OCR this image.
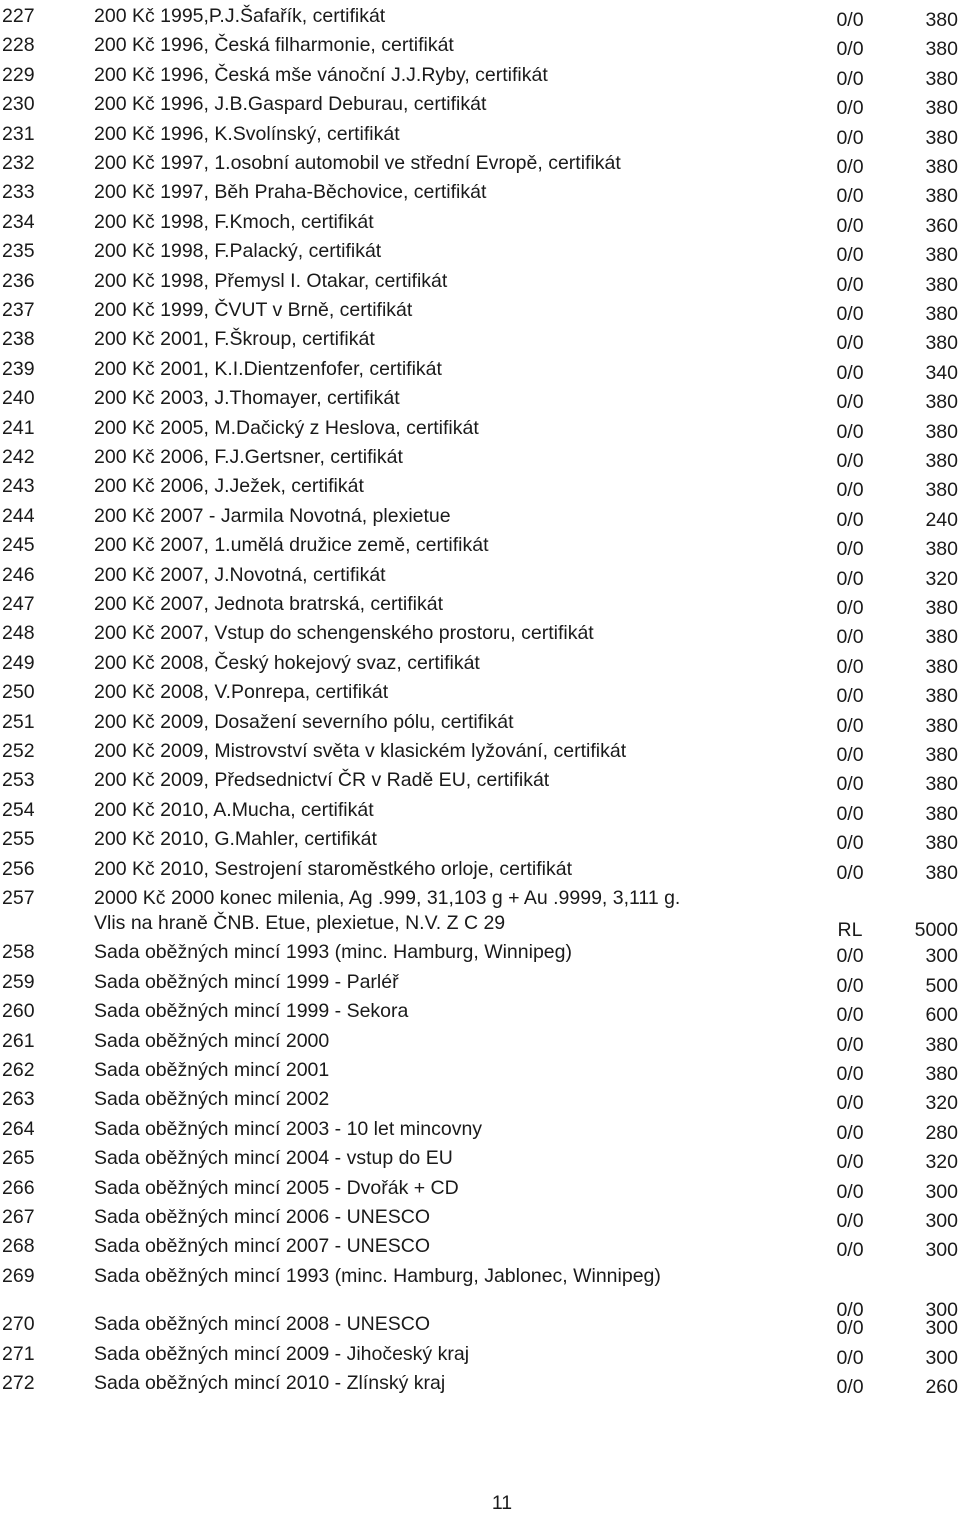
227	200 Kč 1995,P.J.Šafařík, certifikát	0/0	380
228	200 Kč 1996, Česká filharmonie, certifikát	0/0	380
229	200 Kč 1996, Česká mše vánoční J.J.Ryby, certifikát	0/0	380
230	200 Kč 1996, J.B.Gaspard Deburau, certifikát	0/0	380
231	200 Kč 1996, K.Svolínský, certifikát	0/0	380
232	200 Kč 1997, 1.osobní automobil ve střední Evropě, certifikát	0/0	380
233	200 Kč 1997, Běh Praha-Běchovice, certifikát	0/0	380
234	200 Kč 1998, F.Kmoch, certifikát	0/0	360
235	200 Kč 1998, F.Palacký, certifikát	0/0	380
236	200 Kč 1998, Přemysl I. Otakar, certifikát	0/0	380
237	200 Kč 1999, ČVUT v Brně, certifikát	0/0	380
238	200 Kč 2001, F.Škroup, certifikát	0/0	380
239	200 Kč 2001, K.I.Dientzenfofer, certifikát	0/0	340
240	200 Kč 2003, J.Thomayer, certifikát	0/0	380
241	200 Kč 2005, M.Dačický z Heslova, certifikát	0/0	380
242	200 Kč 2006, F.J.Gertsner, certifikát	0/0	380
243	200 Kč 2006, J.Ježek, certifikát	0/0	380
244	200 Kč 2007 - Jarmila Novotná, plexietue	0/0	240
245	200 Kč 2007, 1.umělá družice země, certifikát	0/0	380
246	200 Kč 2007, J.Novotná, certifikát	0/0	320
247	200 Kč 2007, Jednota bratrská, certifikát	0/0	380
248	200 Kč 2007, Vstup do schengenského prostoru, certifikát	0/0	380
249	200 Kč 2008, Český hokejový svaz, certifikát	0/0	380
250	200 Kč 2008, V.Ponrepa, certifikát	0/0	380
251	200 Kč 2009, Dosažení severního pólu, certifikát	0/0	380
252	200 Kč 2009, Mistrovství světa v klasickém lyžování, certifikát	0/0	380
253	200 Kč 2009, Předsednictví ČR v Radě EU, certifikát	0/0	380
254	200 Kč 2010, A.Mucha, certifikát	0/0	380
255	200 Kč 2010, G.Mahler, certifikát	0/0	380
256	200 Kč 2010, Sestrojení staroměstkého orloje, certifikát	0/0	380
257	2000 Kč 2000 konec milenia, Ag .999, 31,103 g + Au .9999, 3,111 g.
Vlis na hraně ČNB. Etue, plexietue, N.V. Z C 29	RL	5000
258	Sada oběžných mincí 1993 (minc. Hamburg, Winnipeg)	0/0	300
259	Sada oběžných mincí 1999 - Parléř	0/0	500
260	Sada oběžných mincí 1999 - Sekora	0/0	600
261	Sada oběžných mincí 2000	0/0	380
262	Sada oběžných mincí 2001	0/0	380
263	Sada oběžných mincí 2002	0/0	320
264	Sada oběžných mincí 2003 - 10 let mincovny	0/0	280
265	Sada oběžných mincí 2004 - vstup do EU	0/0	320
266	Sada oběžných mincí 2005 - Dvořák + CD	0/0	300
267	Sada oběžných mincí 2006 - UNESCO	0/0	300
268	Sada oběžných mincí 2007 - UNESCO	0/0	300
269	Sada oběžných mincí 1993 (minc. Hamburg, Jablonec, Winnipeg)
0/0	300
270	Sada oběžných mincí 2008 - UNESCO	0/0	300
271	Sada oběžných mincí 2009 - Jihočeský kraj	0/0	300
272	Sada oběžných mincí 2010 - Zlínský kraj	0/0	260
11
